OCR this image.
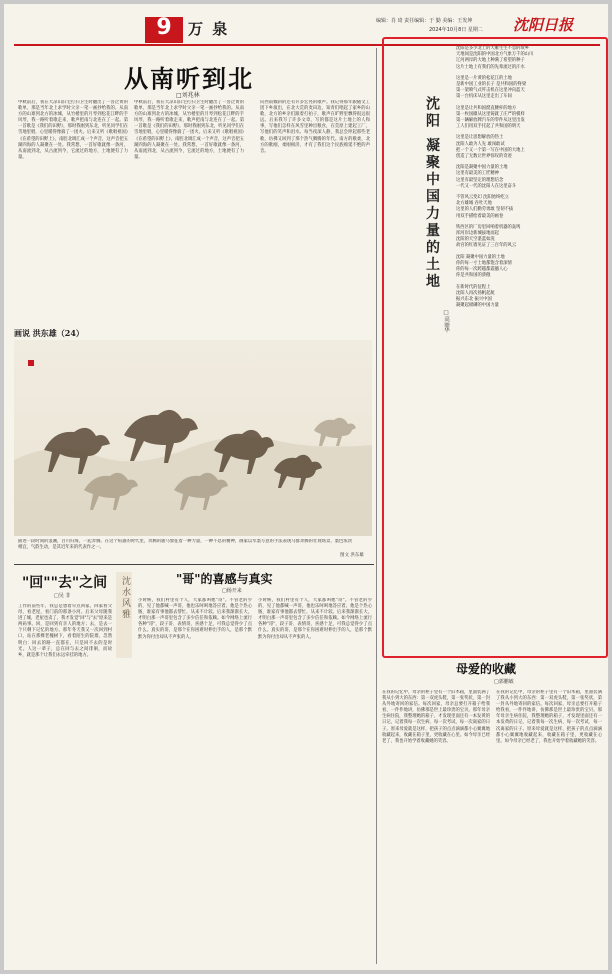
9	万 泉	编辑：肖 琦 责任编辑：于 勤 美编：王发坤
2024年10月8日 星期二 沈阳日报
从南听到北
□刘兆林
中秋前后，我在大凉山旧宅打扫卫生时翻出了一沓泛黄的歌单，那是当年北上求学时父亲一笔一画抄给我的。从南方的山寨到北方的冰城，从竹楼里的月琴到松花江畔的手风琴，我一路听着歌走来，歌声把南与北连在了一起。第一首歌是《我们的田野》，那时我刚到东北，听见同学们在雪地里唱，心里暖得像揣了一团火。后来又听《歌唱祖国》《在希望的田野上》，南腔北调汇成一个声音，这声音把五湖四海的人凝聚在一处。我常想，一首好歌就像一条河，从南流到北，从古流到今，它流过的地方，土地便有了力量。
中秋前后，我在大凉山旧宅打扫卫生时翻出了一沓泛黄的歌单，那是当年北上求学时父亲一笔一画抄给我的。从南方的山寨到北方的冰城，从竹楼里的月琴到松花江畔的手风琴，我一路听着歌走来，歌声把南与北连在了一起。第一首歌是《我们的田野》，那时我刚到东北，听见同学们在雪地里唱，心里暖得像揣了一团火。后来又听《歌唱祖国》《在希望的田野上》，南腔北调汇成一个声音，这声音把五湖四海的人凝聚在一处。我常想，一首好歌就像一条河，从南流到北，从古流到今，它流过的地方，土地便有了力量。
向西南倾斜的还有许多宏亮的歌声。我记得那年跟随文工团下乡演出，在北大荒的麦田边，知青们唱起了家乡的山歌，北方的乡亲们跟着打拍子，歌声在旷野里飘得很远很远。后来我写了许多文章，写的都是这片土地上的人和事，写他们怎样在风雪里种出粮食，在荒原上建起工厂，写他们的笑声和泪水。每当夜深人静，我总会哼起那些老歌，仿佛又回到了那个热气腾腾的年代。南方的歌柔，北方的歌刚，柔刚相济，才有了我们这个民族绵延不绝的声音。
画说 洪东雄（24）
描述一段时间的浪潮，百川归海，一起奔腾。在这个喧嚣的时代里，奔腾的骏马象征着一种力量，一种不息的精神，画家以水墨写意的手法表现马群奔腾的壮观场景，墨色浓淡相宜，气韵生动，是其近年来的代表作之一。
图文 洪东雄
"回""去"之间
□吴 非
工作的前些年，我总是想着早点回家，回家看父母，看老屋，看门前的那条小河。后来父母随我进了城，老屋也卖了，我才发觉"回"与"去"原来是两码事。回，是回到有亲人的地方；去，是去一个只剩下记忆的地方。那年冬天我又一次回到村口，站在那棵老槐树下，看着陌生的院墙，忽然明白：回去的路一直都在，只是回不去的是时光。人这一辈子，总在回与去之间徘徊，而故乡，就是那个让我们永远牵挂的地方。
沈水风雅	"哥"的喜感与真实
□杨开来
小时候，我们村里有个人，大家都叫他"哥"。不管老的少的，见了他都喊一声哥，他也乐呵呵地答应着。他是个热心肠，谁家有事他都去帮忙，从来不计较。后来我渐渐长大，才明白那一声哥里包含了多少信任和依赖。如今网络上流行各种"哥"，段子哥、表情哥，喜感十足，可我总觉得少了点什么。真实的哥，是那个在你困难时伸出手的人，是那个默默为你付出却从不声张的人。
小时候，我们村里有个人，大家都叫他"哥"。不管老的少的，见了他都喊一声哥，他也乐呵呵地答应着。他是个热心肠，谁家有事他都去帮忙，从来不计较。后来我渐渐长大，才明白那一声哥里包含了多少信任和依赖。如今网络上流行各种"哥"，段子哥、表情哥，喜感十足，可我总觉得少了点什么。真实的哥，是那个在你困难时伸出手的人，是那个默默为你付出却从不声张的人。
沈阳 凝聚中国力量的土地
□高丽华
沈阳是多少北上的大雁生生不息的故乡
天地间是沈阳的中国北方气象万千的山川
辽河两岸的大地上种满了希望的种子
这片土地上有我们的先辈流过的汗水
这里是一片黄的松花江的土地
是新中国工业的长子 是共和国的脊梁
第一架喷气式歼击机在这里冲向蓝天
第一台机床从这里走出了车间
这里是让共和国挺直腰杆的地方
第一枚国徽从这里铸就了庄严的模样
第一辆解放牌汽车的零件从这里出发
工人们用双手托起了共和国的明天
这里是让思想解放的热土
沈阳人敢为人先 敢闯敢试
把一个又一个第一写在中国的大地上
创造了无数让世界惊叹的奇迹
沈阳是凝聚中国力量的土地
这里有最美的工匠精神
这里有最坚定的理想信念
一代又一代的沈阳人在这里奋斗
不管风云变幻 沈阳始终屹立
北方雄城 吞吐天地
这里的人们勤劳勇敢 坚韧不拔
用双手描绘着最美的画卷
铁西区的厂房里回响着机器的轰鸣
浑河岸边新城拔地而起
沈阳的天空湛蓝如洗
故宫的红墙见证了三百年的风云
沈阳 凝聚中国力量的土地
你的每一寸土地都饱含着深情
你的每一次跨越都震撼人心
你是共和国的骄傲
在新时代的征程上
沈阳人再次扬帆起航
振兴东北 振兴中国
凝聚起磅礴的中国力量
母爱的收藏
□郭鹏敏
在我的记忆中，母亲的柜子里有一个旧木箱，里面装满了我从小到大的东西：第一双虎头鞋，第一张奖状，第一封从外地寄回的家信。每次回家，母亲总要打开箱子给我看，一件件地讲，仿佛那是世上最珍贵的宝贝。那年母亲生病住院，我整理她的箱子，才发现里面还有一本发黄的日记，记着我每一次生病、每一次考试、每一次离家的日子。原来母爱就是这样，把孩子的点点滴滴都小心翼翼地收藏起来，收藏在箱子里，更收藏在心里。如今母亲已经老了，我也开始学着收藏她的笑容。
在我的记忆中，母亲的柜子里有一个旧木箱，里面装满了我从小到大的东西：第一双虎头鞋，第一张奖状，第一封从外地寄回的家信。每次回家，母亲总要打开箱子给我看，一件件地讲，仿佛那是世上最珍贵的宝贝。那年母亲生病住院，我整理她的箱子，才发现里面还有一本发黄的日记，记着我每一次生病、每一次考试、每一次离家的日子。原来母爱就是这样，把孩子的点点滴滴都小心翼翼地收藏起来，收藏在箱子里，更收藏在心里。如今母亲已经老了，我也开始学着收藏她的笑容。
